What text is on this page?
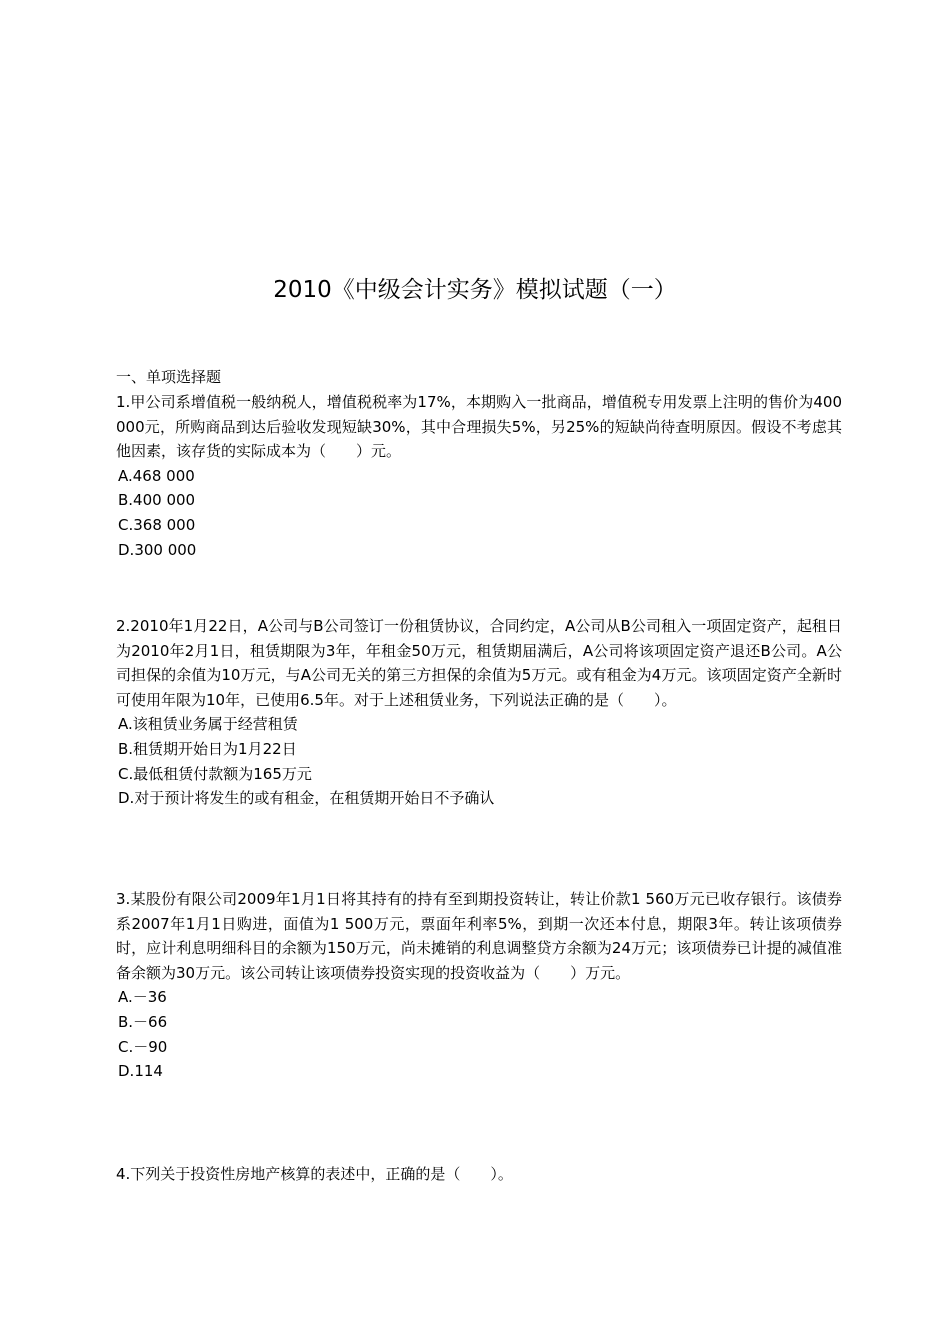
2010《中级会计实务》模拟试题（一）
一、单项选择题

1.甲公司系增值税一般纳税人，增值税税率为17%，本期购入一批商品，增值税专用发票上注明的售价为400 000元，所购商品到达后验收发现短缺30%，其中合理损失5%，另25%的短缺尚待查明原因。假设不考虑其他因素，该存货的实际成本为（　　）元。

A.468 000
B.400 000
C.368 000
D.300 000

2.2010年1月22日，A公司与B公司签订一份租赁协议，合同约定，A公司从B公司租入一项固定资产，起租日为2010年2月1日，租赁期限为3年，年租金50万元，租赁期届满后，A公司将该项固定资产退还B公司。A公司担保的余值为10万元，与A公司无关的第三方担保的余值为5万元。或有租金为4万元。该项固定资产全新时可使用年限为10年，已使用6.5年。对于上述租赁业务，下列说法正确的是（　　）。

A.该租赁业务属于经营租赁
B.租赁期开始日为1月22日
C.最低租赁付款额为165万元
D.对于预计将发生的或有租金，在租赁期开始日不予确认

3.某股份有限公司2009年1月1日将其持有的持有至到期投资转让，转让价款1 560万元已收存银行。该债券系2007年1月1日购进，面值为1 500万元，票面年利率5%，到期一次还本付息，期限3年。转让该项债券时，应计利息明细科目的余额为150万元，尚未摊销的利息调整贷方余额为24万元；该项债券已计提的减值准备余额为30万元。该公司转让该项债券投资实现的投资收益为（　　）万元。

A.－36
B.－66
C.－90
D.114

4.下列关于投资性房地产核算的表述中，正确的是（　　）。
